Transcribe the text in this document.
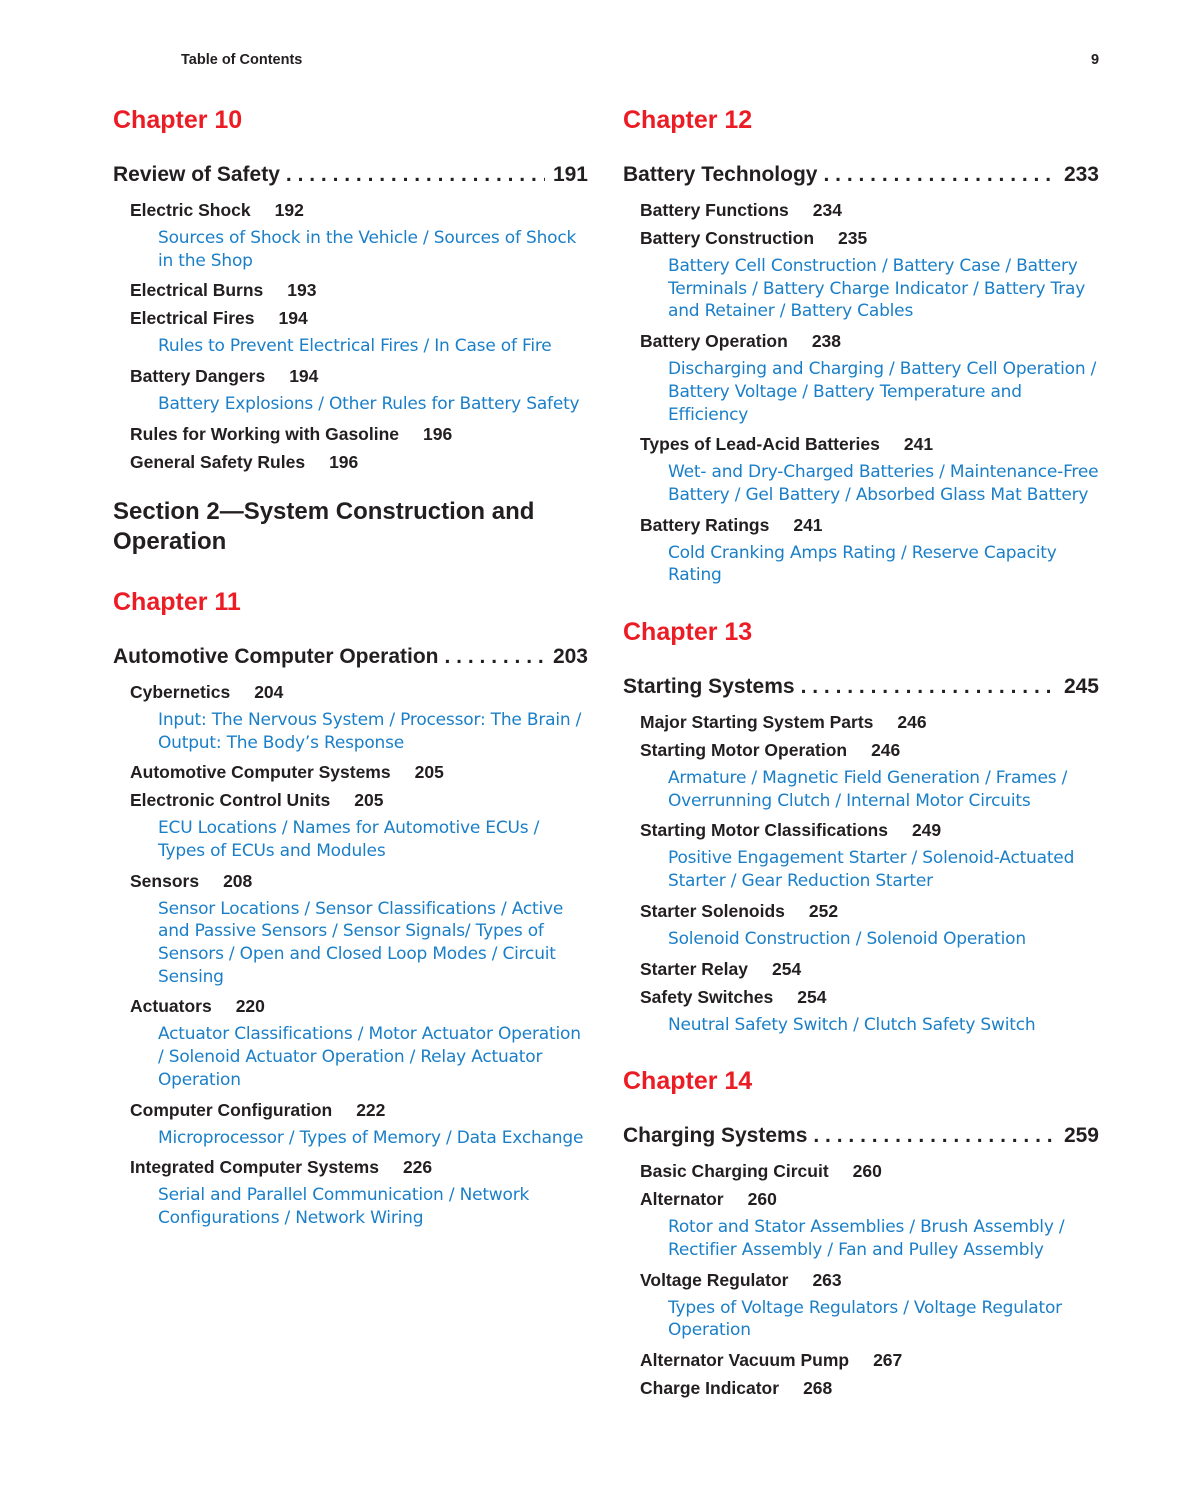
Table of Contents	9
Chapter 10
Review of Safety . . .	191
Electric Shock 192
Sources of Shock in the Vehicle / Sources of Shock in the Shop
Electrical Burns 193
Electrical Fires 194
Rules to Prevent Electrical Fires / In Case of Fire
Battery Dangers 194
Battery Explosions / Other Rules for Battery Safety
Rules for Working with Gasoline 196
General Safety Rules 196
Section 2—System Construction and Operation
Chapter 11
Automotive Computer Operation . . .	203
Cybernetics 204
Input: The Nervous System / Processor: The Brain / Output: The Body’s Response
Automotive Computer Systems 205
Electronic Control Units 205
ECU Locations / Names for Automotive ECUs / Types of ECUs and Modules
Sensors 208
Sensor Locations / Sensor Classifications / Active and Passive Sensors / Sensor Signals/ Types of Sensors / Open and Closed Loop Modes / Circuit Sensing
Actuators 220
Actuator Classifications / Motor Actuator Operation / Solenoid Actuator Operation / Relay Actuator Operation
Computer Configuration 222
Microprocessor / Types of Memory / Data Exchange
Integrated Computer Systems 226
Serial and Parallel Communication / Network Configurations / Network Wiring
Chapter 12
Battery Technology . . .	233
Battery Functions 234
Battery Construction 235
Battery Cell Construction / Battery Case / Battery Terminals / Battery Charge Indicator / Battery Tray and Retainer / Battery Cables
Battery Operation 238
Discharging and Charging / Battery Cell Operation / Battery Voltage / Battery Temperature and Efficiency
Types of Lead-Acid Batteries 241
Wet- and Dry-Charged Batteries / Maintenance-Free Battery / Gel Battery / Absorbed Glass Mat Battery
Battery Ratings 241
Cold Cranking Amps Rating / Reserve Capacity Rating
Chapter 13
Starting Systems . . .	245
Major Starting System Parts 246
Starting Motor Operation 246
Armature / Magnetic Field Generation / Frames / Overrunning Clutch / Internal Motor Circuits
Starting Motor Classifications 249
Positive Engagement Starter / Solenoid-Actuated Starter / Gear Reduction Starter
Starter Solenoids 252
Solenoid Construction / Solenoid Operation
Starter Relay 254
Safety Switches 254
Neutral Safety Switch / Clutch Safety Switch
Chapter 14
Charging Systems . . .	259
Basic Charging Circuit 260
Alternator 260
Rotor and Stator Assemblies / Brush Assembly / Rectifier Assembly / Fan and Pulley Assembly
Voltage Regulator 263
Types of Voltage Regulators / Voltage Regulator Operation
Alternator Vacuum Pump 267
Charge Indicator 268
